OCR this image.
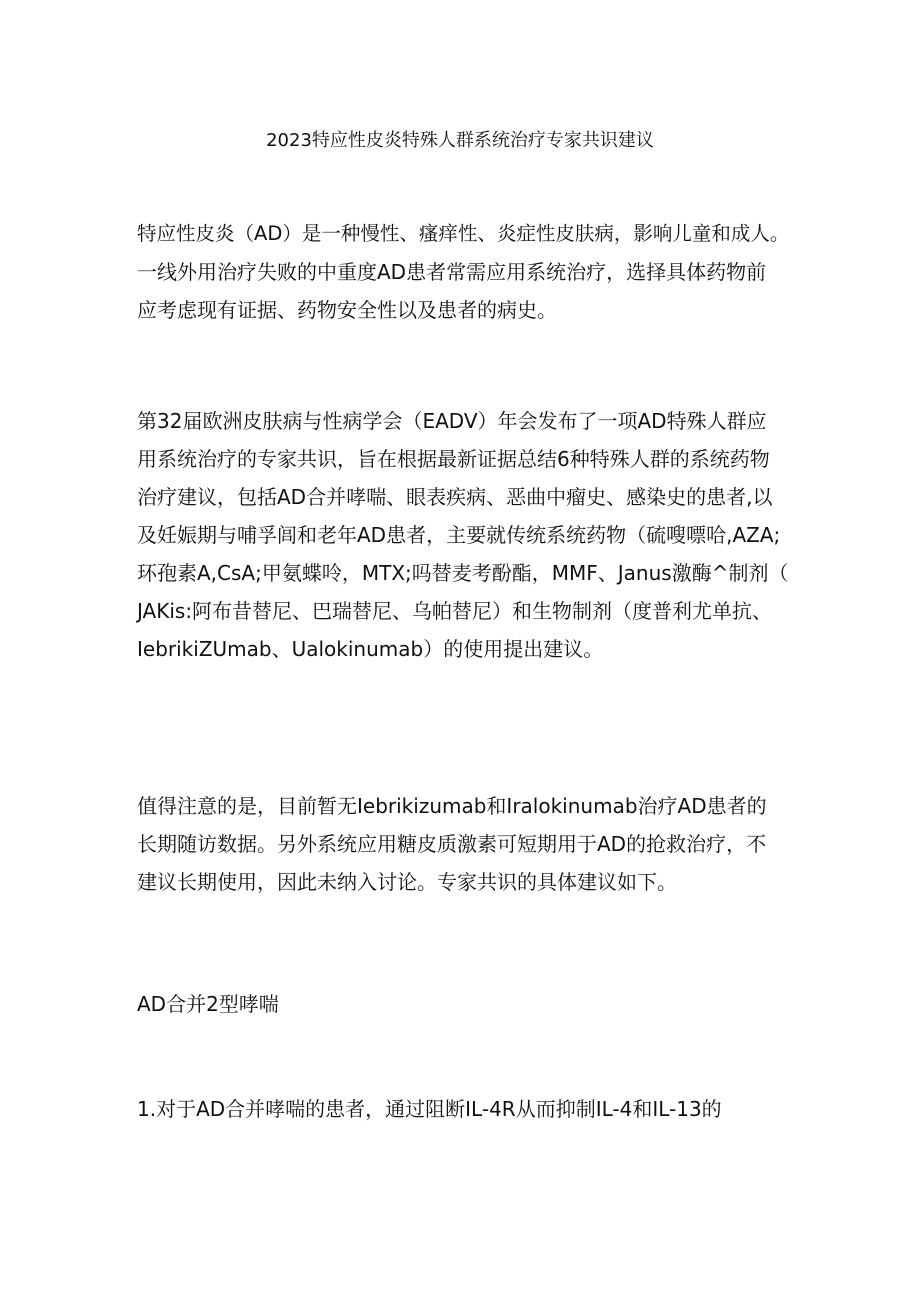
2023特应性皮炎特殊人群系统治疗专家共识建议

特应性皮炎（AD）是一种慢性、瘙痒性、炎症性皮肤病，影响儿童和成人。
一线外用治疗失败的中重度AD患者常需应用系统治疗，选择具体药物前
应考虑现有证据、药物安全性以及患者的病史。

第32届欧洲皮肤病与性病学会（EADV）年会发布了一项AD特殊人群应
用系统治疗的专家共识，旨在根据最新证据总结6种特殊人群的系统药物
治疗建议，包括AD合并哮喘、眼表疾病、恶曲中瘤史、感染史的患者,以
及妊娠期与哺孚闾和老年AD患者，主要就传统系统药物（硫嗖嘌哈,AZA;
环孢素A,CsA;甲氨蝶呤，MTX;吗替麦考酚酯，MMF、Janus激酶^制剂（
JAKis:阿布昔替尼、巴瑞替尼、乌帕替尼）和生物制剂（度普利尤单抗、
IebrikiZUmab、Ualokinumab）的使用提出建议。

值得注意的是，目前暂无Iebrikizumab和Iralokinumab治疗AD患者的
长期随访数据。另外系统应用糖皮质激素可短期用于AD的抢救治疗，不
建议长期使用，因此未纳入讨论。专家共识的具体建议如下。

AD合并2型哮喘

1.对于AD合并哮喘的患者，通过阻断IL-4R从而抑制IL-4和IL-13的
